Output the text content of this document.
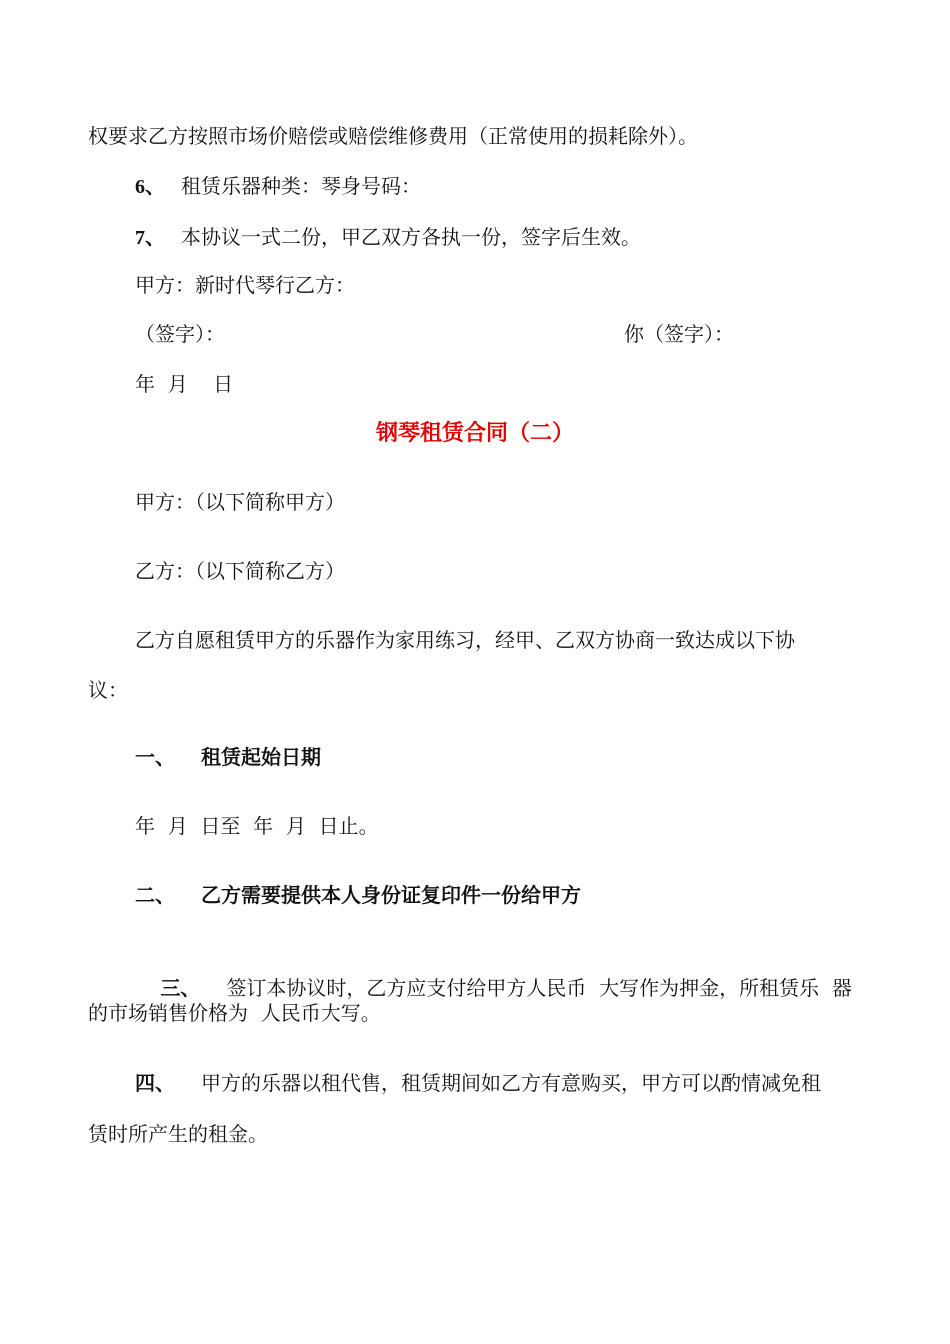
权要求乙方按照市场价赔偿或赔偿维修费用（正常使用的损耗除外）。
6、 租赁乐器种类：琴身号码：
7、 本协议一式二份，甲乙双方各执一份，签字后生效。
甲方：新时代琴行乙方：
（签字）：	你（签字）：
年  月    日
钢琴租赁合同（二）
甲方：（以下简称甲方）
乙方：（以下简称乙方）
乙方自愿租赁甲方的乐器作为家用练习，经甲、乙双方协商一致达成以下协
议：
一、 租赁起始日期
年  月  日至  年  月  日止。
二、 乙方需要提供本人身份证复印件一份给甲方

三、 签订本协议时，乙方应支付给甲方人民币  大写作为押金，所租赁乐  器

的市场销售价格为  人民币大写。
四、 甲方的乐器以租代售，租赁期间如乙方有意购买，甲方可以酌情减免租
赁时所产生的租金。
